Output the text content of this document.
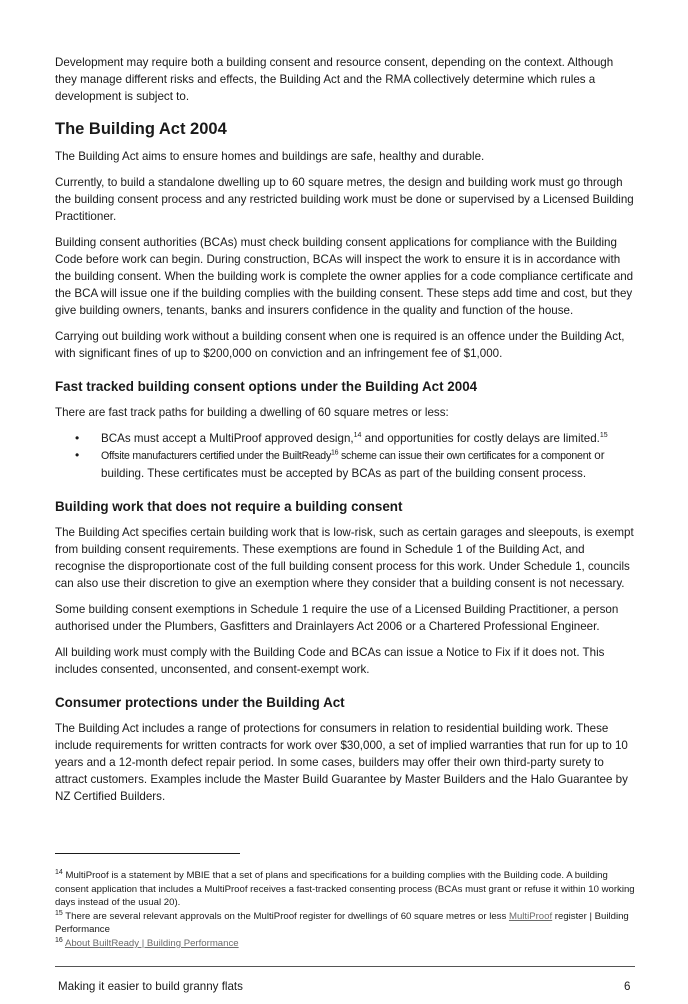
Development may require both a building consent and resource consent, depending on the context. Although they manage different risks and effects, the Building Act and the RMA collectively determine which rules a development is subject to.

The Building Act 2004

The Building Act aims to ensure homes and buildings are safe, healthy and durable.

Currently, to build a standalone dwelling up to 60 square metres, the design and building work must go through the building consent process and any restricted building work must be done or supervised by a Licensed Building Practitioner.

Building consent authorities (BCAs) must check building consent applications for compliance with the Building Code before work can begin. During construction, BCAs will inspect the work to ensure it is in accordance with the building consent. When the building work is complete the owner applies for a code compliance certificate and the BCA will issue one if the building complies with the building consent. These steps add time and cost, but they give building owners, tenants, banks and insurers confidence in the quality and function of the house.

Carrying out building work without a building consent when one is required is an offence under the Building Act, with significant fines of up to $200,000 on conviction and an infringement fee of $1,000.

Fast tracked building consent options under the Building Act 2004

There are fast track paths for building a dwelling of 60 square metres or less:

• BCAs must accept a MultiProof approved design,$^{14}$ and opportunities for costly delays are limited.$^{15}$
• Offsite manufacturers certified under the BuiltReady$^{16}$ scheme can issue their own certificates for a component or building. These certificates must be accepted by BCAs as part of the building consent process.
Building work that does not require a building consent

The Building Act specifies certain building work that is low-risk, such as certain garages and sleepouts, is exempt from building consent requirements. These exemptions are found in Schedule 1 of the Building Act, and recognise the disproportionate cost of the full building consent process for this work. Under Schedule 1, councils can also use their discretion to give an exemption where they consider that a building consent is not necessary.

Some building consent exemptions in Schedule 1 require the use of a Licensed Building Practitioner, a person authorised under the Plumbers, Gasfitters and Drainlayers Act 2006 or a Chartered Professional Engineer.

All building work must comply with the Building Code and BCAs can issue a Notice to Fix if it does not. This includes consented, unconsented, and consent-exempt work.

Consumer protections under the Building Act

The Building Act includes a range of protections for consumers in relation to residential building work. These include requirements for written contracts for work over $30,000, a set of implied warranties that run for up to 10 years and a 12-month defect repair period. In some cases, builders may offer their own third-party surety to attract customers. Examples include the Master Build Guarantee by Master Builders and the Halo Guarantee by NZ Certified Builders.

$^{14}$ MultiProof is a statement by MBIE that a set of plans and specifications for a building complies with the Building code. A building consent application that includes a MultiProof receives a fast-tracked consenting process (BCAs must grant or refuse it within 10 working days instead of the usual 20).

$^{15}$ There are several relevant approvals on the MultiProof register for dwellings of 60 square metres or less MultiProof register | Building Performance

$^{16}$ About BuiltReady | Building Performance

Making it easier to build granny flats	6
